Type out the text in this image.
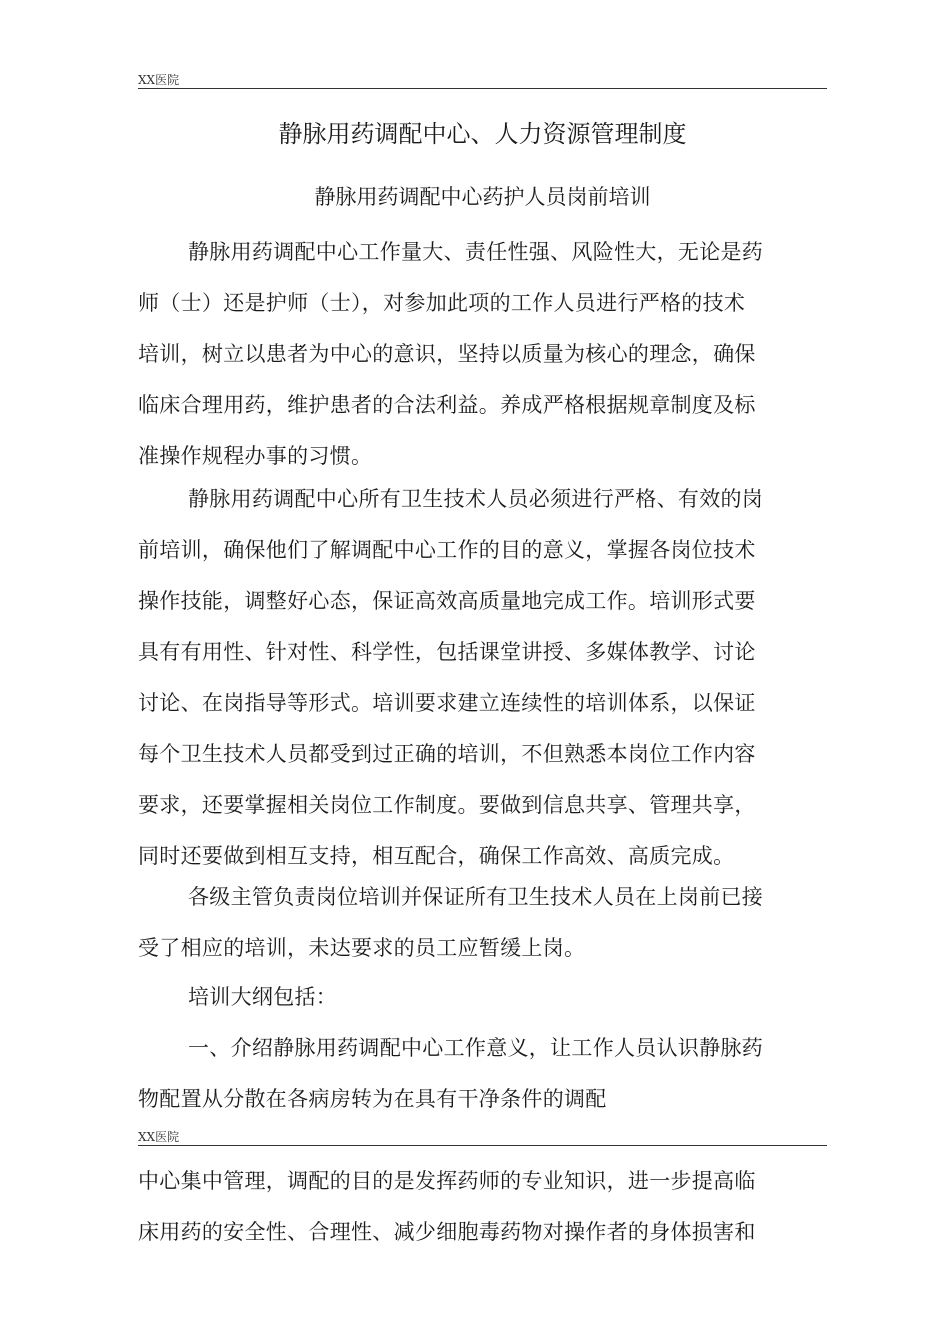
XX医院
静脉用药调配中心、人力资源管理制度
静脉用药调配中心药护人员岗前培训
静脉用药调配中心工作量大、责任性强、风险性大，无论是药
师（士）还是护师（士），对参加此项的工作人员进行严格的技术
培训，树立以患者为中心的意识，坚持以质量为核心的理念，确保
临床合理用药，维护患者的合法利益。养成严格根据规章制度及标
准操作规程办事的习惯。
静脉用药调配中心所有卫生技术人员必须进行严格、有效的岗
前培训，确保他们了解调配中心工作的目的意义，掌握各岗位技术
操作技能，调整好心态，保证高效高质量地完成工作。培训形式要
具有有用性、针对性、科学性，包括课堂讲授、多媒体教学、讨论
讨论、在岗指导等形式。培训要求建立连续性的培训体系，以保证
每个卫生技术人员都受到过正确的培训，不但熟悉本岗位工作内容
要求，还要掌握相关岗位工作制度。要做到信息共享、管理共享，
同时还要做到相互支持，相互配合，确保工作高效、高质完成。
各级主管负责岗位培训并保证所有卫生技术人员在上岗前已接
受了相应的培训，未达要求的员工应暂缓上岗。
培训大纲包括：
一、介绍静脉用药调配中心工作意义，让工作人员认识静脉药
物配置从分散在各病房转为在具有干净条件的调配
XX医院
中心集中管理，调配的目的是发挥药师的专业知识，进一步提高临
床用药的安全性、合理性、减少细胞毒药物对操作者的身体损害和
